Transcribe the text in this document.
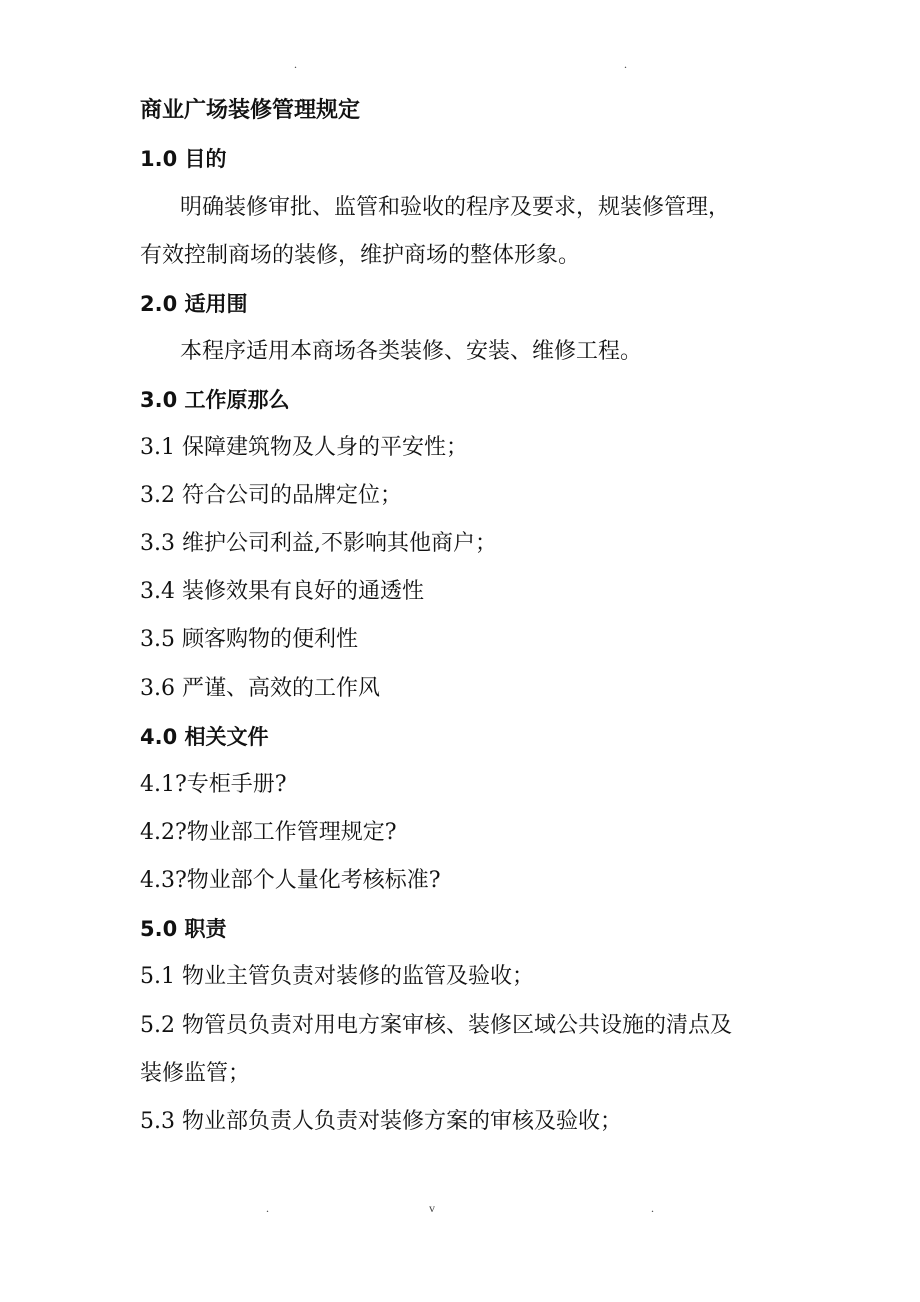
.	.
商业广场装修管理规定
1.0 目的
明确装修审批、监管和验收的程序及要求，规装修管理，
有效控制商场的装修，维护商场的整体形象。
2.0 适用围
本程序适用本商场各类装修、安装、维修工程。
3.0 工作原那么
3.1 保障建筑物及人身的平安性；
3.2 符合公司的品牌定位；
3.3 维护公司利益,不影响其他商户；
3.4 装修效果有良好的通透性
3.5 顾客购物的便利性
3.6 严谨、高效的工作风
4.0 相关文件
4.1?专柜手册?
4.2?物业部工作管理规定?
4.3?物业部个人量化考核标准?
5.0 职责
5.1 物业主管负责对装修的监管及验收；
5.2 物管员负责对用电方案审核、装修区域公共设施的清点及
装修监管；
5.3 物业部负责人负责对装修方案的审核及验收；
.	v	.
